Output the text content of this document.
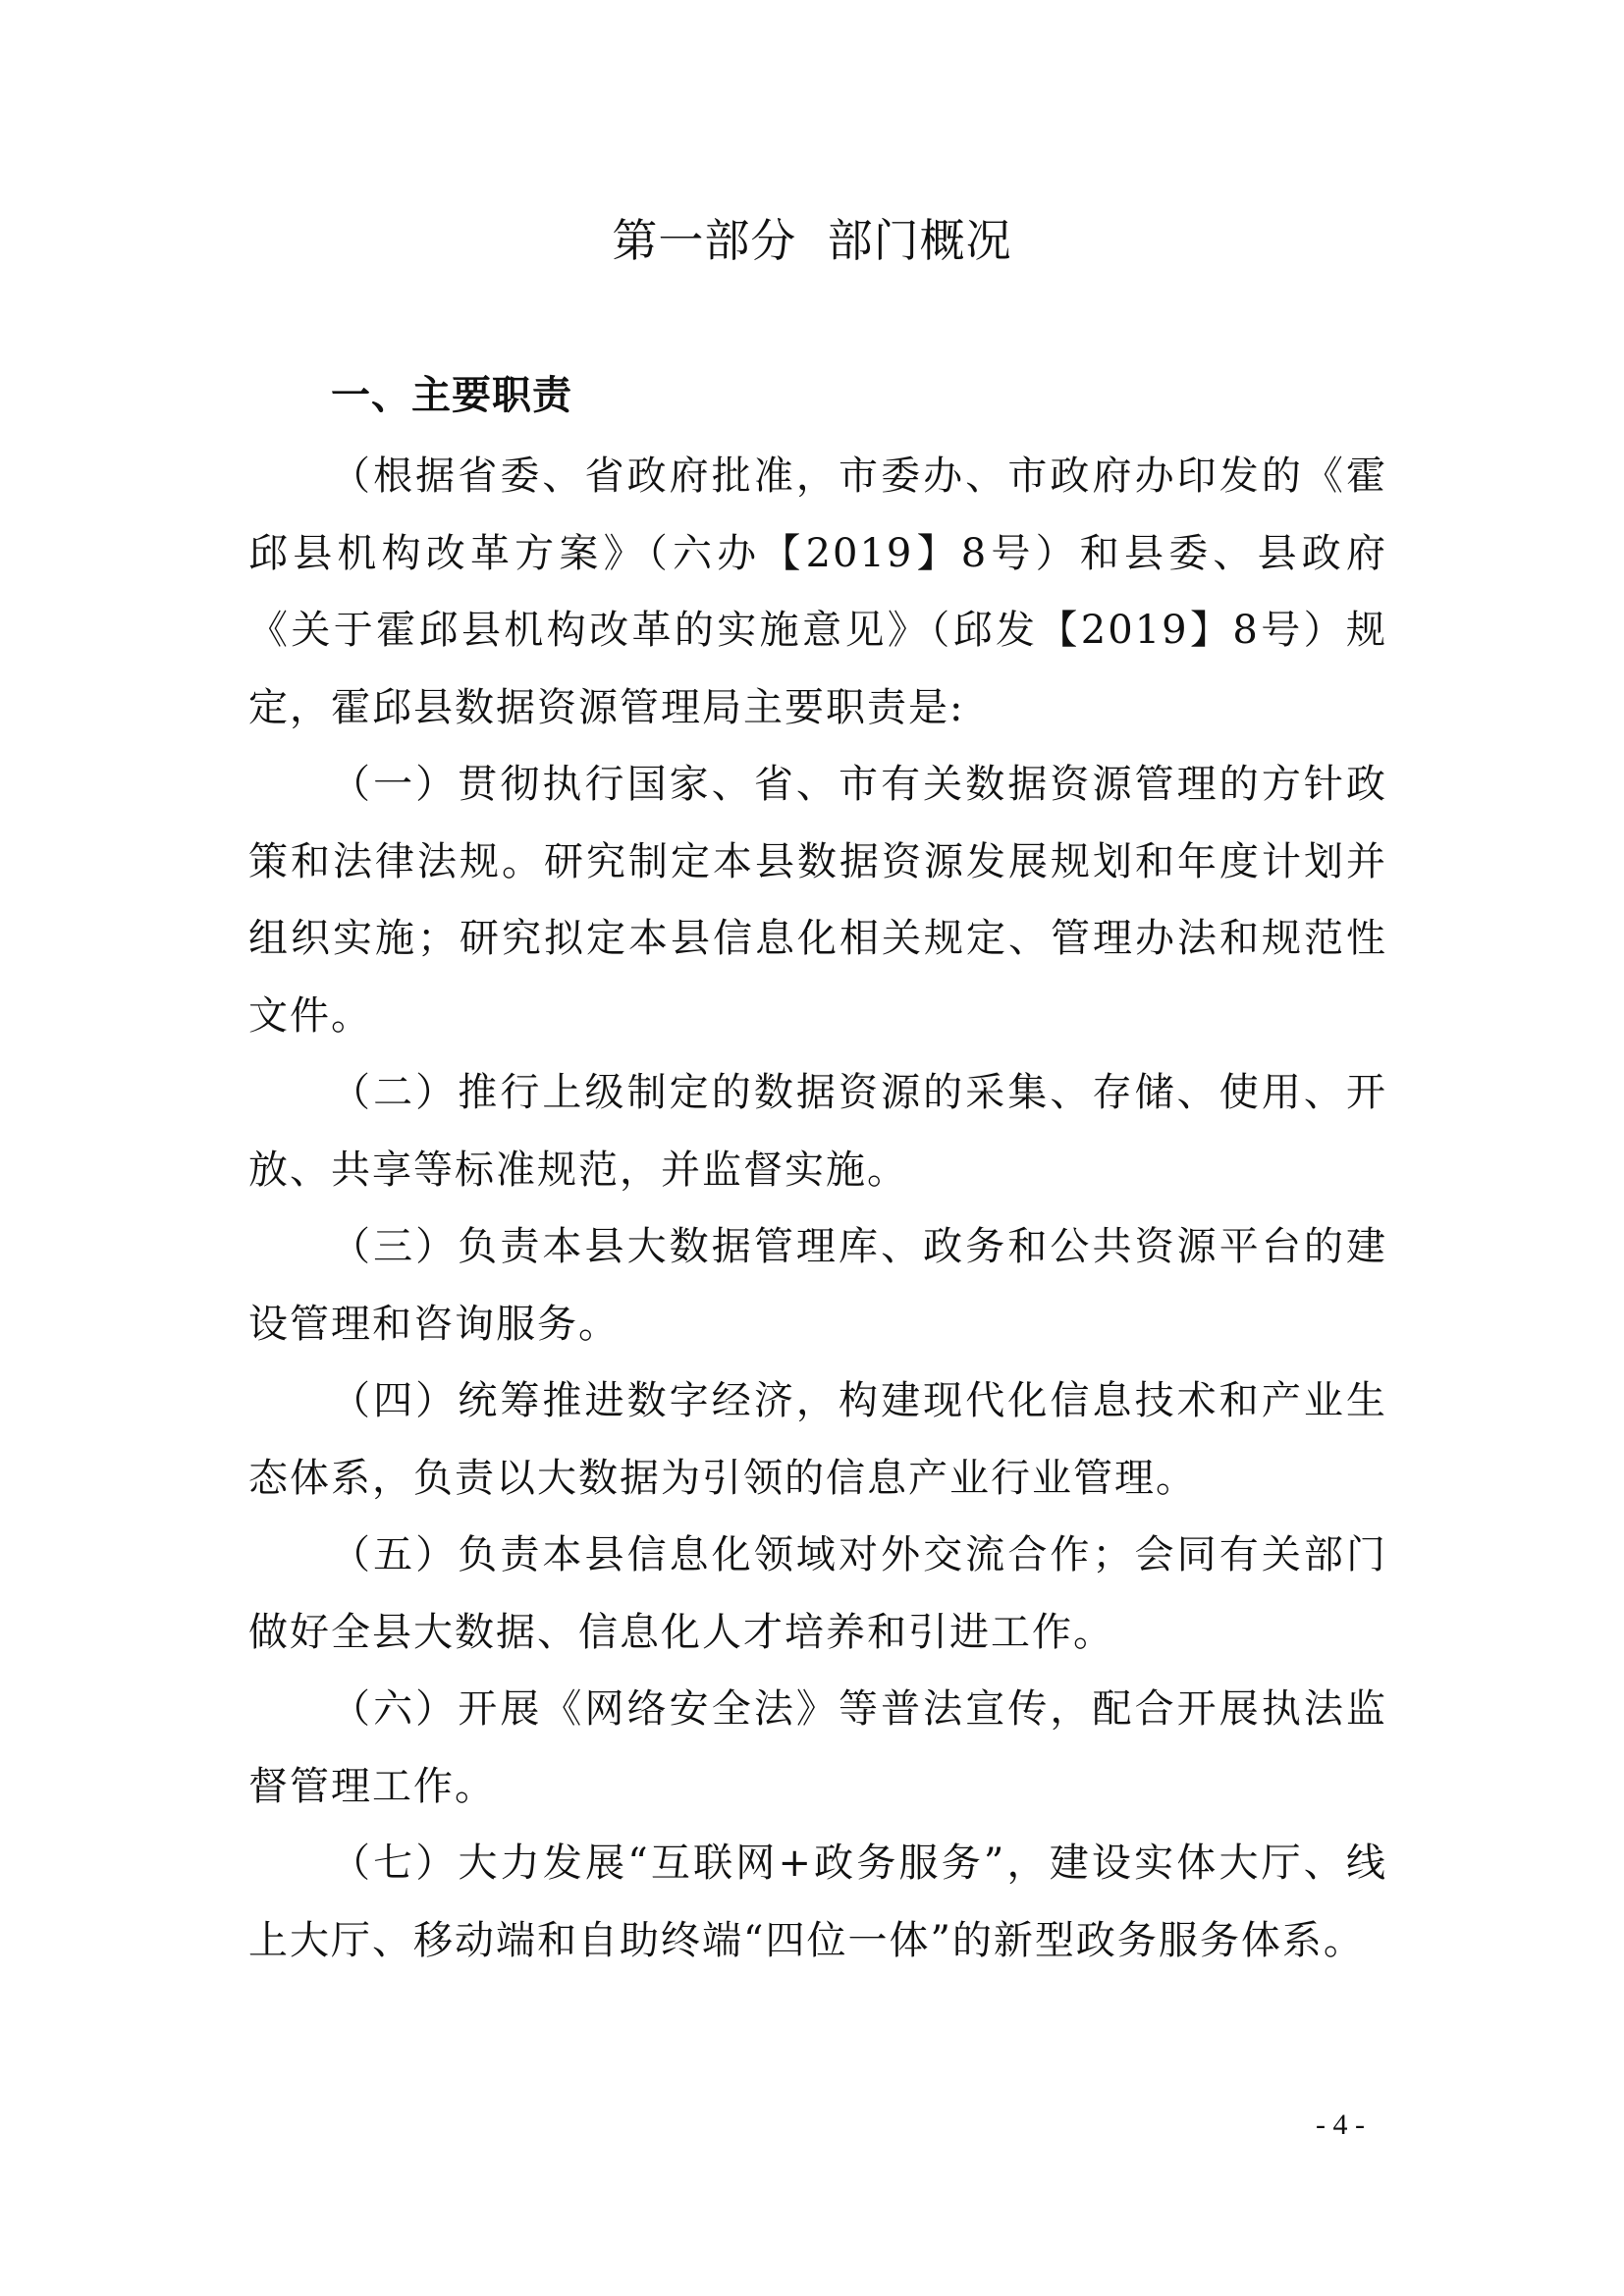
第一部分  部门概况
一、主要职责

（根据省委、省政府批准，市委办、市政府办印发的《霍邱县机构改革方案》（六办【2019】8号）和县委、县政府《关于霍邱县机构改革的实施意见》（邱发【2019】8号）规定，霍邱县数据资源管理局主要职责是:

（一）贯彻执行国家、省、市有关数据资源管理的方针政策和法律法规。研究制定本县数据资源发展规划和年度计划并组织实施；研究拟定本县信息化相关规定、管理办法和规范性文件。

（二）推行上级制定的数据资源的采集、存储、使用、开放、共享等标准规范，并监督实施。

（三）负责本县大数据管理库、政务和公共资源平台的建设管理和咨询服务。

（四）统筹推进数字经济，构建现代化信息技术和产业生态体系，负责以大数据为引领的信息产业行业管理。

（五）负责本县信息化领域对外交流合作；会同有关部门做好全县大数据、信息化人才培养和引进工作。

（六）开展《网络安全法》等普法宣传，配合开展执法监督管理工作。

（七）大力发展“互联网+政务服务”，建设实体大厅、线上大厅、移动端和自助终端“四位一体”的新型政务服务体系。

- 4 -
